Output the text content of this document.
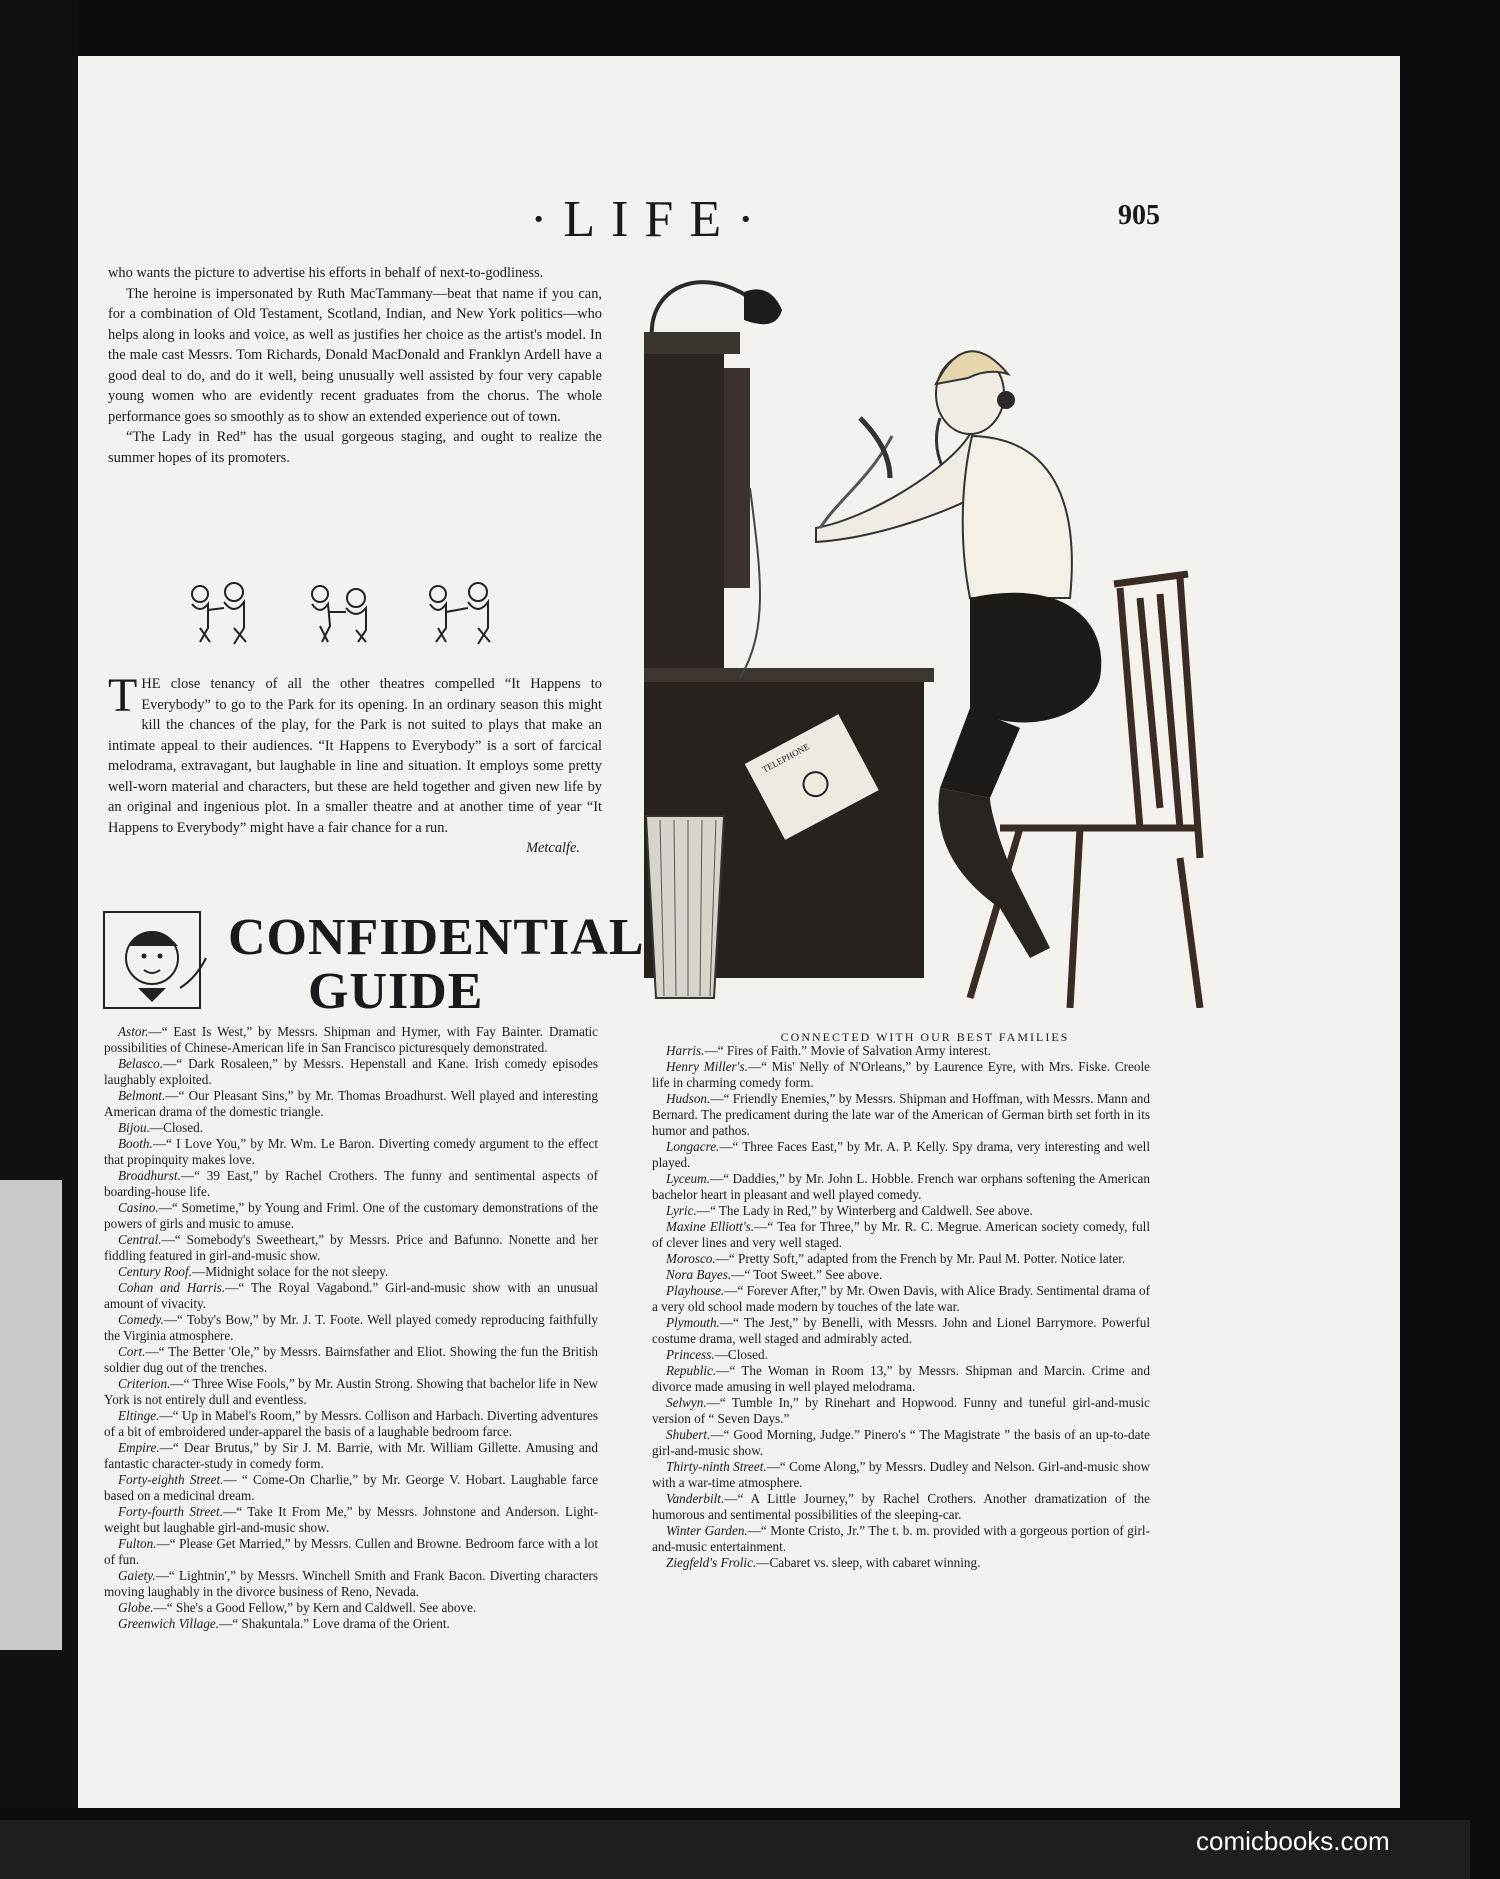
·LIFE·	905

who wants the picture to advertise his efforts in behalf of next-to-godliness.

The heroine is impersonated by Ruth MacTammany—beat that name if you can, for a combination of Old Testament, Scotland, Indian, and New York politics—who helps along in looks and voice, as well as justifies her choice as the artist's model. In the male cast Messrs. Tom Richards, Donald MacDonald and Franklyn Ardell have a good deal to do, and do it well, being unusually well assisted by four very capable young women who are evidently recent graduates from the chorus. The whole performance goes so smoothly as to show an extended experience out of town.

“The Lady in Red” has the usual gorgeous staging, and ought to realize the summer hopes of its promoters.

THE close tenancy of all the other theatres compelled “It Happens to Everybody” to go to the Park for its opening. In an ordinary season this might kill the chances of the play, for the Park is not suited to plays that make an intimate appeal to their audiences. “It Happens to Everybody” is a sort of farcical melodrama, extravagant, but laughable in line and situation. It employs some pretty well-worn material and characters, but these are held together and given new life by an original and ingenious plot. In a smaller theatre and at another time of year “It Happens to Everybody” might have a fair chance for a run.

Metcalfe.

TELEPHONE
CONNECTED WITH OUR BEST FAMILIES
CONFIDENTIAL
GUIDE

Astor.—“ East Is West,” by Messrs. Shipman and Hymer, with Fay Bainter. Dramatic possibilities of Chinese-American life in San Francisco picturesquely demonstrated.

Belasco.—“ Dark Rosaleen,” by Messrs. Hepenstall and Kane. Irish comedy episodes laughably exploited.

Belmont.—“ Our Pleasant Sins,” by Mr. Thomas Broadhurst. Well played and interesting American drama of the domestic triangle.

Bijou.—Closed.

Booth.—“ I Love You,” by Mr. Wm. Le Baron. Diverting comedy argument to the effect that propinquity makes love.

Broadhurst.—“ 39 East,” by Rachel Crothers. The funny and sentimental aspects of boarding-house life.

Casino.—“ Sometime,” by Young and Friml. One of the customary demonstrations of the powers of girls and music to amuse.

Central.—“ Somebody's Sweetheart,” by Messrs. Price and Bafunno. Nonette and her fiddling featured in girl-and-music show.

Century Roof.—Midnight solace for the not sleepy.

Cohan and Harris.—“ The Royal Vagabond.” Girl-and-music show with an unusual amount of vivacity.

Comedy.—“ Toby's Bow,” by Mr. J. T. Foote. Well played comedy reproducing faithfully the Virginia atmosphere.

Cort.—“ The Better 'Ole,” by Messrs. Bairnsfather and Eliot. Showing the fun the British soldier dug out of the trenches.

Criterion.—“ Three Wise Fools,” by Mr. Austin Strong. Showing that bachelor life in New York is not entirely dull and eventless.

Eltinge.—“ Up in Mabel's Room,” by Messrs. Collison and Harbach. Diverting adventures of a bit of embroidered under-apparel the basis of a laughable bedroom farce.

Empire.—“ Dear Brutus,” by Sir J. M. Barrie, with Mr. William Gillette. Amusing and fantastic character-study in comedy form.

Forty-eighth Street.— “ Come-On Charlie,” by Mr. George V. Hobart. Laughable farce based on a medicinal dream.

Forty-fourth Street.—“ Take It From Me,” by Messrs. Johnstone and Anderson. Light-weight but laughable girl-and-music show.

Fulton.—“ Please Get Married,” by Messrs. Cullen and Browne. Bedroom farce with a lot of fun.

Gaiety.—“ Lightnin',” by Messrs. Winchell Smith and Frank Bacon. Diverting characters moving laughably in the divorce business of Reno, Nevada.

Globe.—“ She's a Good Fellow,” by Kern and Caldwell. See above.

Greenwich Village.—“ Shakuntala.” Love drama of the Orient.

Harris.—“ Fires of Faith.” Movie of Salvation Army interest.

Henry Miller's.—“ Mis' Nelly of N'Orleans,” by Laurence Eyre, with Mrs. Fiske. Creole life in charming comedy form.

Hudson.—“ Friendly Enemies,” by Messrs. Shipman and Hoffman, with Messrs. Mann and Bernard. The predicament during the late war of the American of German birth set forth in its humor and pathos.

Longacre.—“ Three Faces East,” by Mr. A. P. Kelly. Spy drama, very interesting and well played.

Lyceum.—“ Daddies,” by Mr. John L. Hobble. French war orphans softening the American bachelor heart in pleasant and well played comedy.

Lyric.—“ The Lady in Red,” by Winterberg and Caldwell. See above.

Maxine Elliott's.—“ Tea for Three,” by Mr. R. C. Megrue. American society comedy, full of clever lines and very well staged.

Morosco.—“ Pretty Soft,” adapted from the French by Mr. Paul M. Potter. Notice later.

Nora Bayes.—“ Toot Sweet.” See above.

Playhouse.—“ Forever After,” by Mr. Owen Davis, with Alice Brady. Sentimental drama of a very old school made modern by touches of the late war.

Plymouth.—“ The Jest,” by Benelli, with Messrs. John and Lionel Barrymore. Powerful costume drama, well staged and admirably acted.

Princess.—Closed.

Republic.—“ The Woman in Room 13,” by Messrs. Shipman and Marcin. Crime and divorce made amusing in well played melodrama.

Selwyn.—“ Tumble In,” by Rinehart and Hopwood. Funny and tuneful girl-and-music version of “ Seven Days.”

Shubert.—“ Good Morning, Judge.” Pinero's “ The Magistrate ” the basis of an up-to-date girl-and-music show.

Thirty-ninth Street.—“ Come Along,” by Messrs. Dudley and Nelson. Girl-and-music show with a war-time atmosphere.

Vanderbilt.—“ A Little Journey,” by Rachel Crothers. Another dramatization of the humorous and sentimental possibilities of the sleeping-car.

Winter Garden.—“ Monte Cristo, Jr.” The t. b. m. provided with a gorgeous portion of girl-and-music entertainment.

Ziegfeld's Frolic.—Cabaret vs. sleep, with cabaret winning.

comicbooks.com
